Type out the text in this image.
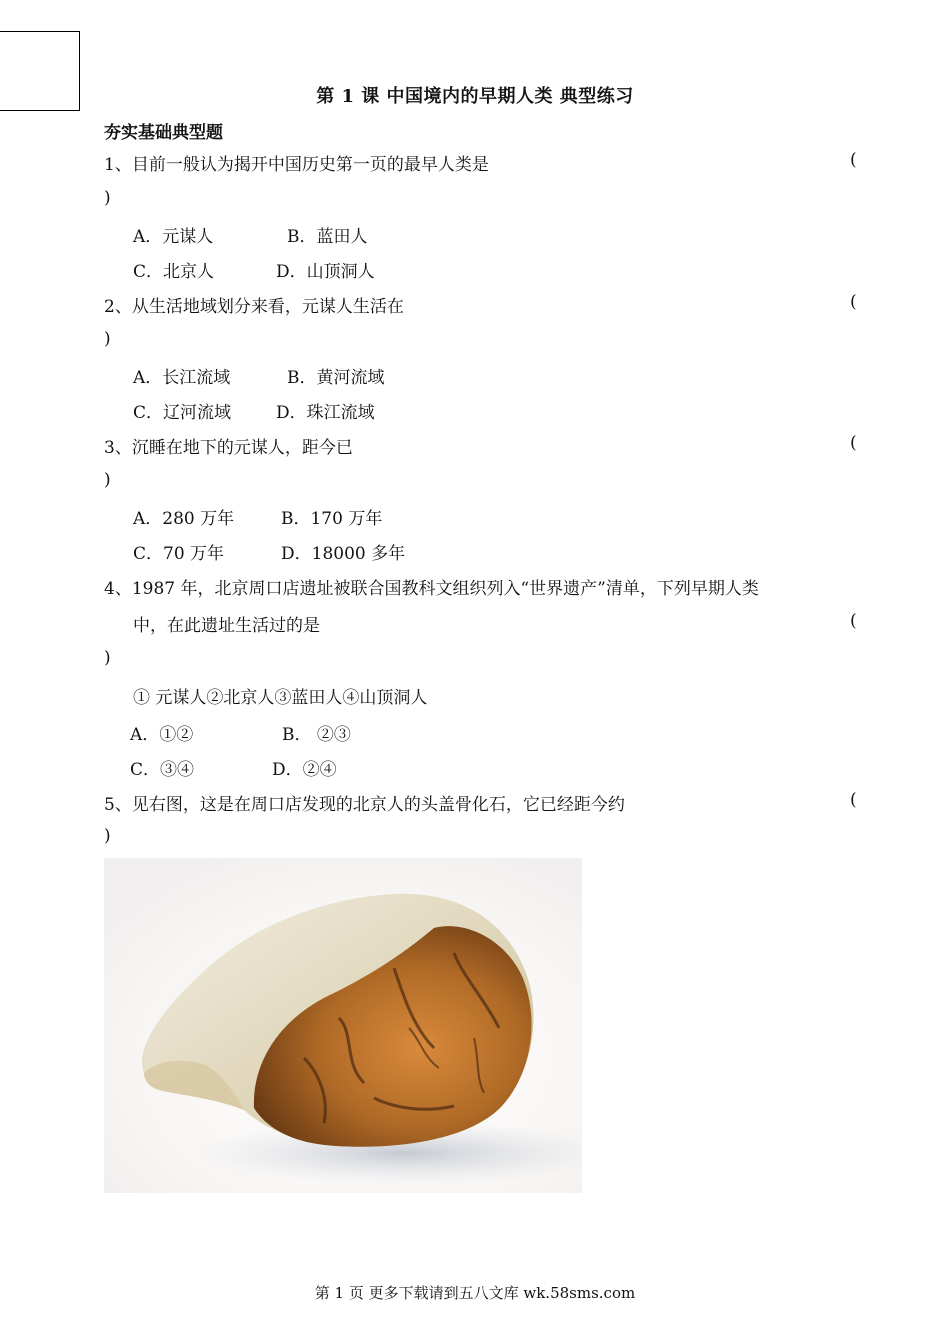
第 1 课 中国境内的早期人类 典型练习
夯实基础典型题
1、目前一般认为揭开中国历史第一页的最早人类是	(
)
A．元谋人	B．蓝田人
C．北京人	D．山顶洞人
2、从生活地域划分来看，元谋人生活在	(
)
A．长江流域	B．黄河流域
C．辽河流域	D．珠江流域
3、沉睡在地下的元谋人，距今已	(
)
A．280 万年	B．170 万年
C．70 万年	D．18000 多年
4、1987 年，北京周口店遗址被联合国教科文组织列入“世界遗产”清单，下列早期人类
中，在此遗址生活过的是	(
)
① 元谋人②北京人③蓝田人④山顶洞人
A．①②	B． ②③
C．③④	D．②④
5、见右图，这是在周口店发现的北京人的头盖骨化石，它已经距今约	(
)
第 1 页 更多下载请到五八文库 wk.58sms.com
